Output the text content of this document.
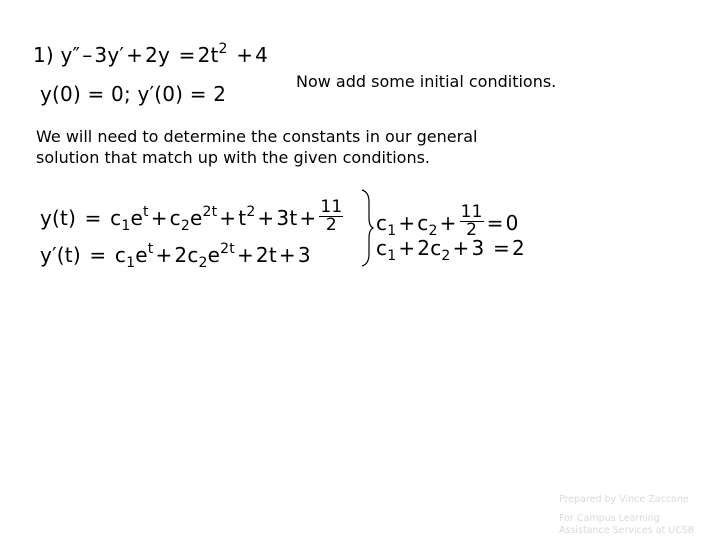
1) $y'' - 3y' + 2y = 2t^2 + 4$
y(0) = 0; y′(0) = 2
Now add some initial conditions.
We will need to determine the constants in our general
solution that match up with the given conditions.
$y(t) = c_1e^t + c_2e^{2t} + t^2 + 3t + \frac{11}{2}$
$y'(t) = c_1e^t + 2c_2e^{2t} + 2t + 3$
$c_1 + c_2 + \frac{11}{2} = 0$
$c_1 + 2c_2 + 3 = 2$
Prepared by Vince Zaccone
For Campus Learning
Assistance Services at UCSB
